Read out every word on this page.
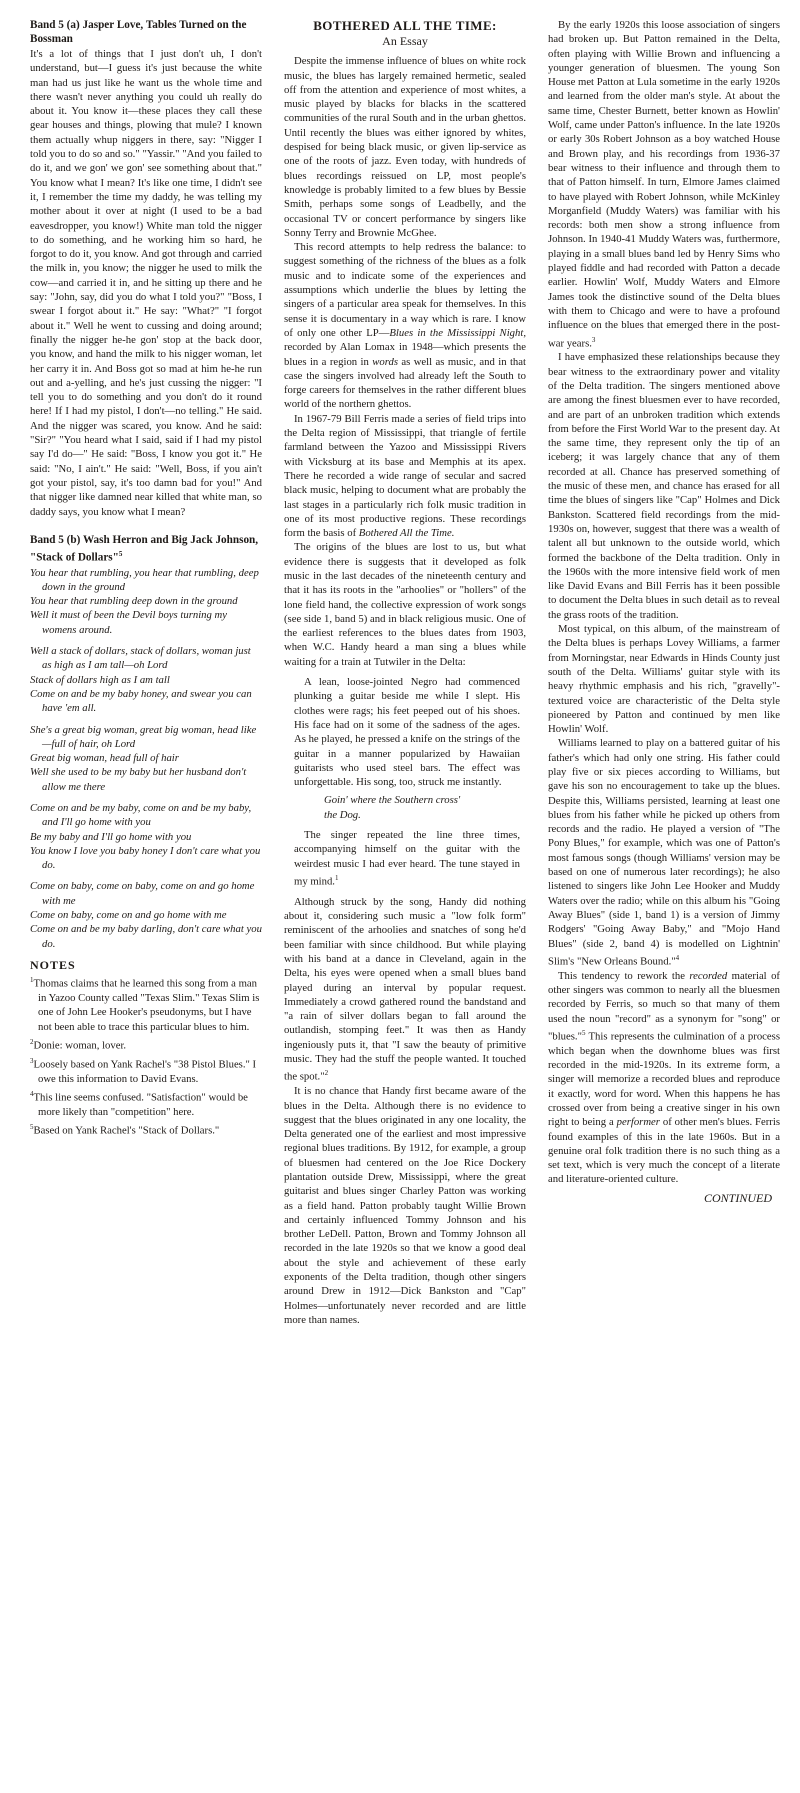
Band 5 (a) Jasper Love, Tables Turned on the Bossman

It's a lot of things that I just don't uh, I don't understand, but—I guess it's just because the white man had us just like he want us the whole time and there wasn't never anything you could uh really do about it. You know it—these places they call these gear houses and things, plowing that mule? I known them actually whup niggers in there, say: "Nigger I told you to do so and so." "Yassir." "And you failed to do it, and we gon' we gon' see something about that." You know what I mean? It's like one time, I didn't see it, I remember the time my daddy, he was telling my mother about it over at night (I used to be a bad eavesdropper, you know!) White man told the nigger to do something, and he working him so hard, he forgot to do it, you know. And got through and carried the milk in, you know; the nigger he used to milk the cow—and carried it in, and he sitting up there and he say: "John, say, did you do what I told you?" "Boss, I swear I forgot about it." He say: "What?" "I forgot about it." Well he went to cussing and doing around; finally the nigger he-he gon' stop at the back door, you know, and hand the milk to his nigger woman, let her carry it in. And Boss got so mad at him he-he run out and a-yelling, and he's just cussing the nigger: "I tell you to do something and you don't do it round here! If I had my pistol, I don't—no telling." He said. And the nigger was scared, you know. And he said: "Sir?" "You heard what I said, said if I had my pistol say I'd do—" He said: "Boss, I know you got it." He said: "No, I ain't." He said: "Well, Boss, if you ain't got your pistol, say, it's too damn bad for you!" And that nigger like damned near killed that white man, so daddy says, you know what I mean?

Band 5 (b) Wash Herron and Big Jack Johnson, "Stack of Dollars"$^5$
You hear that rumbling, you hear that rumbling, deep down in the ground
You hear that rumbling deep down in the ground
Well it must of been the Devil boys turning my womens around.
Well a stack of dollars, stack of dollars, woman just as high as I am tall—oh Lord
Stack of dollars high as I am tall
Come on and be my baby honey, and swear you can have 'em all.
She's a great big woman, great big woman, head like—full of hair, oh Lord
Great big woman, head full of hair
Well she used to be my baby but her husband don't allow me there
Come on and be my baby, come on and be my baby, and I'll go home with you
Be my baby and I'll go home with you
You know I love you baby honey I don't care what you do.
Come on baby, come on baby, come on and go home with me
Come on baby, come on and go home with me
Come on and be my baby darling, don't care what you do.
NOTES
$^1$Thomas claims that he learned this song from a man in Yazoo County called "Texas Slim." Texas Slim is one of John Lee Hooker's pseudonyms, but I have not been able to trace this particular blues to him.
$^2$Donie: woman, lover.
$^3$Loosely based on Yank Rachel's "38 Pistol Blues." I owe this information to David Evans.
$^4$This line seems confused. "Satisfaction" would be more likely than "competition" here.
$^5$Based on Yank Rachel's "Stack of Dollars."
BOTHERED ALL THE TIME:
An Essay

Despite the immense influence of blues on white rock music, the blues has largely remained hermetic, sealed off from the attention and experience of most whites, a music played by blacks for blacks in the scattered communities of the rural South and in the urban ghettos. Until recently the blues was either ignored by whites, despised for being black music, or given lip-service as one of the roots of jazz. Even today, with hundreds of blues recordings reissued on LP, most people's knowledge is probably limited to a few blues by Bessie Smith, perhaps some songs of Leadbelly, and the occasional TV or concert performance by singers like Sonny Terry and Brownie McGhee.

This record attempts to help redress the balance: to suggest something of the richness of the blues as a folk music and to indicate some of the experiences and assumptions which underlie the blues by letting the singers of a particular area speak for themselves. In this sense it is documentary in a way which is rare. I know of only one other LP—Blues in the Mississippi Night, recorded by Alan Lomax in 1948—which presents the blues in a region in words as well as music, and in that case the singers involved had already left the South to forge careers for themselves in the rather different blues world of the northern ghettos.

In 1967-79 Bill Ferris made a series of field trips into the Delta region of Mississippi, that triangle of fertile farmland between the Yazoo and Mississippi Rivers with Vicksburg at its base and Memphis at its apex. There he recorded a wide range of secular and sacred black music, helping to document what are probably the last stages in a particularly rich folk music tradition in one of its most productive regions. These recordings form the basis of Bothered All the Time.

The origins of the blues are lost to us, but what evidence there is suggests that it developed as folk music in the last decades of the nineteenth century and that it has its roots in the "arhoolies" or "hollers" of the lone field hand, the collective expression of work songs (see side 1, band 5) and in black religious music. One of the earliest references to the blues dates from 1903, when W.C. Handy heard a man sing a blues while waiting for a train at Tutwiler in the Delta:

A lean, loose-jointed Negro had commenced plunking a guitar beside me while I slept. His clothes were rags; his feet peeped out of his shoes. His face had on it some of the sadness of the ages. As he played, he pressed a knife on the strings of the guitar in a manner popularized by Hawaiian guitarists who used steel bars. The effect was unforgettable. His song, too, struck me instantly.

Goin' where the Southern cross'
the Dog.

The singer repeated the line three times, accompanying himself on the guitar with the weirdest music I had ever heard. The tune stayed in my mind.$^1$

Although struck by the song, Handy did nothing about it, considering such music a "low folk form" reminiscent of the arhoolies and snatches of song he'd been familiar with since childhood. But while playing with his band at a dance in Cleveland, again in the Delta, his eyes were opened when a small blues band played during an interval by popular request. Immediately a crowd gathered round the bandstand and "a rain of silver dollars began to fall around the outlandish, stomping feet." It was then as Handy ingeniously puts it, that "I saw the beauty of primitive music. They had the stuff the people wanted. It touched the spot."$^2$

It is no chance that Handy first became aware of the blues in the Delta. Although there is no evidence to suggest that the blues originated in any one locality, the Delta generated one of the earliest and most impressive regional blues traditions. By 1912, for example, a group of bluesmen had centered on the Joe Rice Dockery plantation outside Drew, Mississippi, where the great guitarist and blues singer Charley Patton was working as a field hand. Patton probably taught Willie Brown and certainly influenced Tommy Johnson and his brother LeDell. Patton, Brown and Tommy Johnson all recorded in the late 1920s so that we know a good deal about the style and achievement of these early exponents of the Delta tradition, though other singers around Drew in 1912—Dick Bankston and "Cap" Holmes—unfortunately never recorded and are little more than names.

By the early 1920s this loose association of singers had broken up. But Patton remained in the Delta, often playing with Willie Brown and influencing a younger generation of bluesmen. The young Son House met Patton at Lula sometime in the early 1920s and learned from the older man's style. At about the same time, Chester Burnett, better known as Howlin' Wolf, came under Patton's influence. In the late 1920s or early 30s Robert Johnson as a boy watched House and Brown play, and his recordings from 1936-37 bear witness to their influence and through them to that of Patton himself. In turn, Elmore James claimed to have played with Robert Johnson, while McKinley Morganfield (Muddy Waters) was familiar with his records: both men show a strong influence from Johnson. In 1940-41 Muddy Waters was, furthermore, playing in a small blues band led by Henry Sims who played fiddle and had recorded with Patton a decade earlier. Howlin' Wolf, Muddy Waters and Elmore James took the distinctive sound of the Delta blues with them to Chicago and were to have a profound influence on the blues that emerged there in the post-war years.$^3$

I have emphasized these relationships because they bear witness to the extraordinary power and vitality of the Delta tradition. The singers mentioned above are among the finest bluesmen ever to have recorded, and are part of an unbroken tradition which extends from before the First World War to the present day. At the same time, they represent only the tip of an iceberg; it was largely chance that any of them recorded at all. Chance has preserved something of the music of these men, and chance has erased for all time the blues of singers like "Cap" Holmes and Dick Bankston. Scattered field recordings from the mid-1930s on, however, suggest that there was a wealth of talent all but unknown to the outside world, which formed the backbone of the Delta tradition. Only in the 1960s with the more intensive field work of men like David Evans and Bill Ferris has it been possible to document the Delta blues in such detail as to reveal the grass roots of the tradition.

Most typical, on this album, of the mainstream of the Delta blues is perhaps Lovey Williams, a farmer from Morningstar, near Edwards in Hinds County just south of the Delta. Williams' guitar style with its heavy rhythmic emphasis and his rich, "gravelly"-textured voice are characteristic of the Delta style pioneered by Patton and continued by men like Howlin' Wolf.

Williams learned to play on a battered guitar of his father's which had only one string. His father could play five or six pieces according to Williams, but gave his son no encouragement to take up the blues. Despite this, Williams persisted, learning at least one blues from his father while he picked up others from records and the radio. He played a version of "The Pony Blues," for example, which was one of Patton's most famous songs (though Williams' version may be based on one of numerous later recordings); he also listened to singers like John Lee Hooker and Muddy Waters over the radio; while on this album his "Going Away Blues" (side 1, band 1) is a version of Jimmy Rodgers' "Going Away Baby," and "Mojo Hand Blues" (side 2, band 4) is modelled on Lightnin' Slim's "New Orleans Bound."$^4$

This tendency to rework the recorded material of other singers was common to nearly all the bluesmen recorded by Ferris, so much so that many of them used the noun "record" as a synonym for "song" or "blues."$^5$ This represents the culmination of a process which began when the downhome blues was first recorded in the mid-1920s. In its extreme form, a singer will memorize a recorded blues and reproduce it exactly, word for word. When this happens he has crossed over from being a creative singer in his own right to being a performer of other men's blues. Ferris found examples of this in the late 1960s. But in a genuine oral folk tradition there is no such thing as a set text, which is very much the concept of a literate and literature-oriented culture.

CONTINUED
